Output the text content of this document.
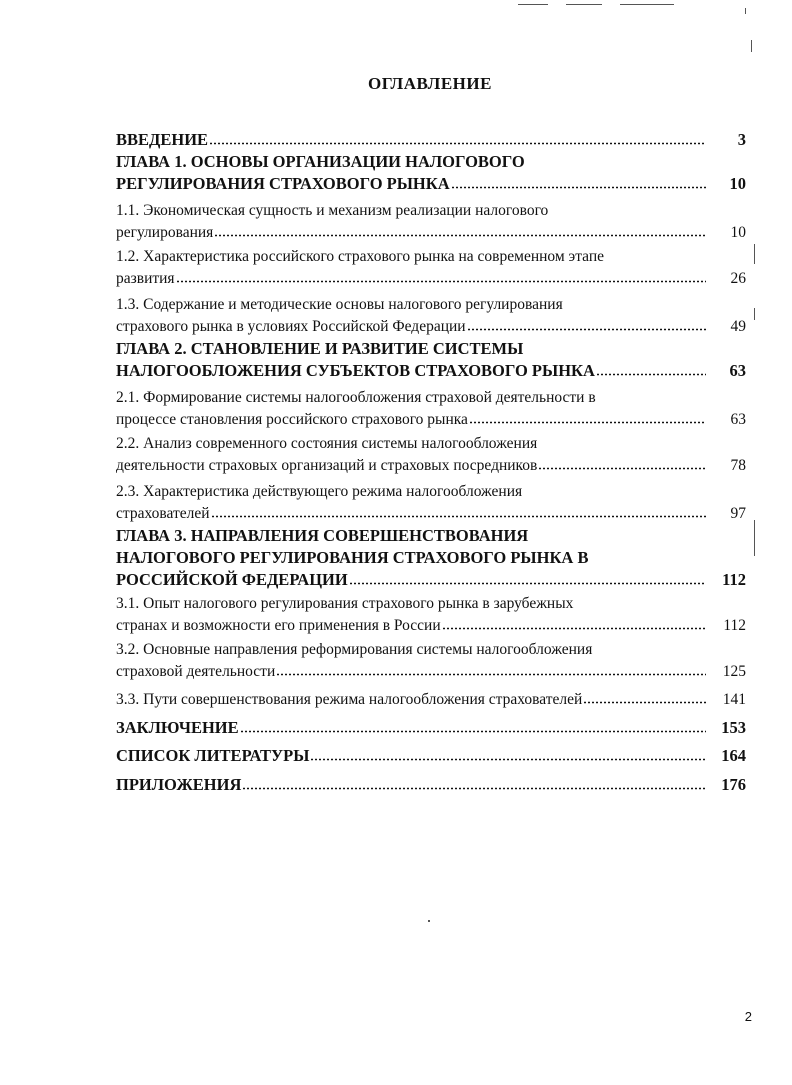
ОГЛАВЛЕНИЕ
ВВЕДЕНИЕ	3
ГЛАВА 1. ОСНОВЫ ОРГАНИЗАЦИИ НАЛОГОВОГО
РЕГУЛИРОВАНИЯ СТРАХОВОГО РЫНКА	10
1.1. Экономическая сущность и механизм реализации налогового
регулирования	10
1.2. Характеристика российского страхового рынка на современном этапе
развития	26
1.3. Содержание и методические основы налогового регулирования
страхового рынка в условиях Российской Федерации	49
ГЛАВА 2. СТАНОВЛЕНИЕ И РАЗВИТИЕ СИСТЕМЫ
НАЛОГООБЛОЖЕНИЯ СУБЪЕКТОВ СТРАХОВОГО РЫНКА	63
2.1. Формирование системы налогообложения страховой деятельности в
процессе становления российского страхового рынка	63
2.2. Анализ современного состояния системы налогообложения
деятельности страховых организаций и страховых посредников	78
2.3. Характеристика действующего режима налогообложения
страхователей	97
ГЛАВА 3. НАПРАВЛЕНИЯ СОВЕРШЕНСТВОВАНИЯ
НАЛОГОВОГО РЕГУЛИРОВАНИЯ СТРАХОВОГО РЫНКА В
РОССИЙСКОЙ ФЕДЕРАЦИИ	112
3.1. Опыт налогового регулирования страхового рынка в зарубежных
странах и возможности его применения в России	112
3.2. Основные направления реформирования системы налогообложения
страховой деятельности	125
3.3. Пути совершенствования режима налогообложения страхователей	141
ЗАКЛЮЧЕНИЕ	153
СПИСОК ЛИТЕРАТУРЫ	164
ПРИЛОЖЕНИЯ	176
2
